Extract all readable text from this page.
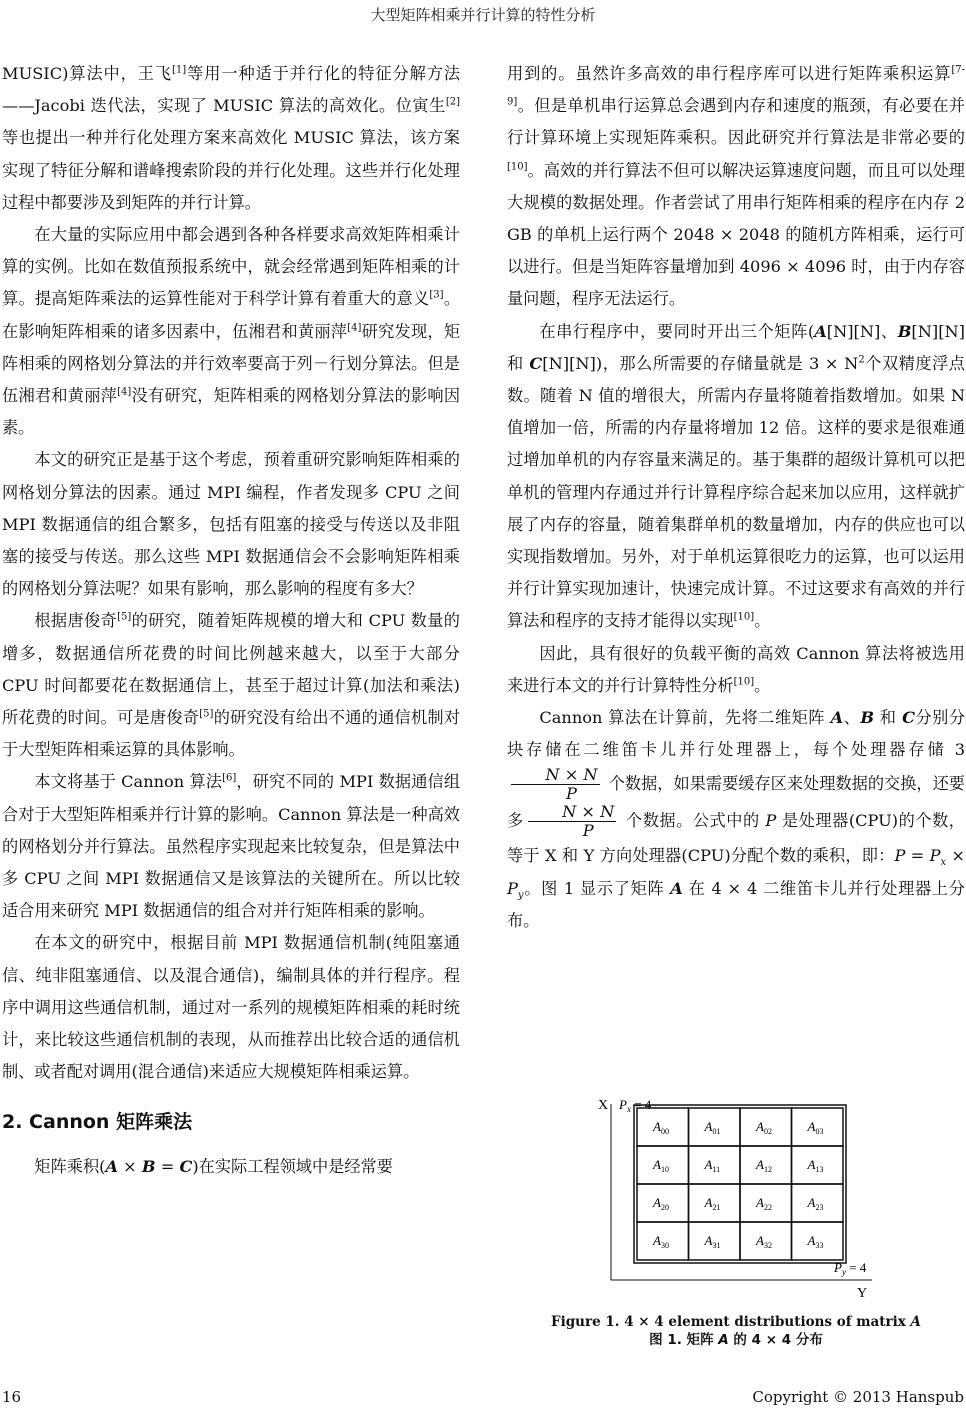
大型矩阵相乘并行计算的特性分析

MUSIC)算法中，王飞[1]等用一种适于并行化的特征分解方法——Jacobi 迭代法，实现了 MUSIC 算法的高效化。位寅生[2]等也提出一种并行化处理方案来高效化 MUSIC 算法，该方案实现了特征分解和谱峰搜索阶段的并行化处理。这些并行化处理过程中都要涉及到矩阵的并行计算。

在大量的实际应用中都会遇到各种各样要求高效矩阵相乘计算的实例。比如在数值预报系统中，就会经常遇到矩阵相乘的计算。提高矩阵乘法的运算性能对于科学计算有着重大的意义[3]。在影响矩阵相乘的诸多因素中，伍湘君和黄丽萍[4]研究发现，矩阵相乘的网格划分算法的并行效率要高于列－行划分算法。但是伍湘君和黄丽萍[4]没有研究，矩阵相乘的网格划分算法的影响因素。

本文的研究正是基于这个考虑，预着重研究影响矩阵相乘的网格划分算法的因素。通过 MPI 编程，作者发现多 CPU 之间 MPI 数据通信的组合繁多，包括有阻塞的接受与传送以及非阻塞的接受与传送。那么这些 MPI 数据通信会不会影响矩阵相乘的网格划分算法呢？如果有影响，那么影响的程度有多大？

根据唐俊奇[5]的研究，随着矩阵规模的增大和 CPU 数量的增多，数据通信所花费的时间比例越来越大，以至于大部分 CPU 时间都要花在数据通信上，甚至于超过计算(加法和乘法)所花费的时间。可是唐俊奇[5]的研究没有给出不通的通信机制对于大型矩阵相乘运算的具体影响。

本文将基于 Cannon 算法[6]，研究不同的 MPI 数据通信组合对于大型矩阵相乘并行计算的影响。Cannon 算法是一种高效的网格划分并行算法。虽然程序实现起来比较复杂，但是算法中多 CPU 之间 MPI 数据通信又是该算法的关键所在。所以比较适合用来研究 MPI 数据通信的组合对并行矩阵相乘的影响。

在本文的研究中，根据目前 MPI 数据通信机制(纯阻塞通信、纯非阻塞通信、以及混合通信)，编制具体的并行程序。程序中调用这些通信机制，通过对一系列的规模矩阵相乘的耗时统计，来比较这些通信机制的表现，从而推荐出比较合适的通信机制、或者配对调用(混合通信)来适应大规模矩阵相乘运算。

2. Cannon 矩阵乘法

矩阵乘积(A × B = C)在实际工程领域中是经常要

用到的。虽然许多高效的串行程序库可以进行矩阵乘积运算[7-9]。但是单机串行运算总会遇到内存和速度的瓶颈，有必要在并行计算环境上实现矩阵乘积。因此研究并行算法是非常必要的[10]。高效的并行算法不但可以解决运算速度问题，而且可以处理大规模的数据处理。作者尝试了用串行矩阵相乘的程序在内存 2 GB 的单机上运行两个 2048 × 2048 的随机方阵相乘，运行可以进行。但是当矩阵容量增加到 4096 × 4096 时，由于内存容量问题，程序无法运行。

在串行程序中，要同时开出三个矩阵(A[N][N]、B[N][N]和 C[N][N])，那么所需要的存储量就是 $3 \times N^2$个双精度浮点数。随着 N 值的增很大，所需内存量将随着指数增加。如果 N 值增加一倍，所需的内存量将增加 12 倍。这样的要求是很难通过增加单机的内存容量来满足的。基于集群的超级计算机可以把单机的管理内存通过并行计算程序综合起来加以应用，这样就扩展了内存的容量，随着集群单机的数量增加，内存的供应也可以实现指数增加。另外，对于单机运算很吃力的运算，也可以运用并行计算实现加速计，快速完成计算。不过这要求有高效的并行算法和程序的支持才能得以实现[10]。

因此，具有很好的负载平衡的高效 Cannon 算法将被选用来进行本文的并行计算特性分析[10]。

Cannon 算法在计算前，先将二维矩阵 A、B 和 C分别分块存储在二维笛卡儿并行处理器上，每个处理器存储 3
$\frac{N \times N}{P}$ 个数据，如果需要缓存区来处理数据的交换，还要多 $\frac{N \times N}{P}$ 个数据。公式中的 P 是处理器(CPU)的个数，等于 X 和 Y 方向处理器(CPU)分配个数的乘积，即：$P = P_x \times P_y$。图 1 显示了矩阵 A 在 4 × 4 二维笛卡儿并行处理器上分布。

X $P_x = 4$
$P_y = 4$
Y
$A_{00}$	$A_{01}$	$A_{02}$	$A_{03}$
$A_{10}$	$A_{11}$	$A_{12}$	$A_{13}$
$A_{20}$	$A_{21}$	$A_{22}$	$A_{23}$
$A_{30}$	$A_{31}$	$A_{32}$	$A_{33}$
Figure 1. 4 × 4 element distributions of matrix A
图 1. 矩阵 A 的 4 × 4 分布
16	Copyright © 2013 Hanspub
